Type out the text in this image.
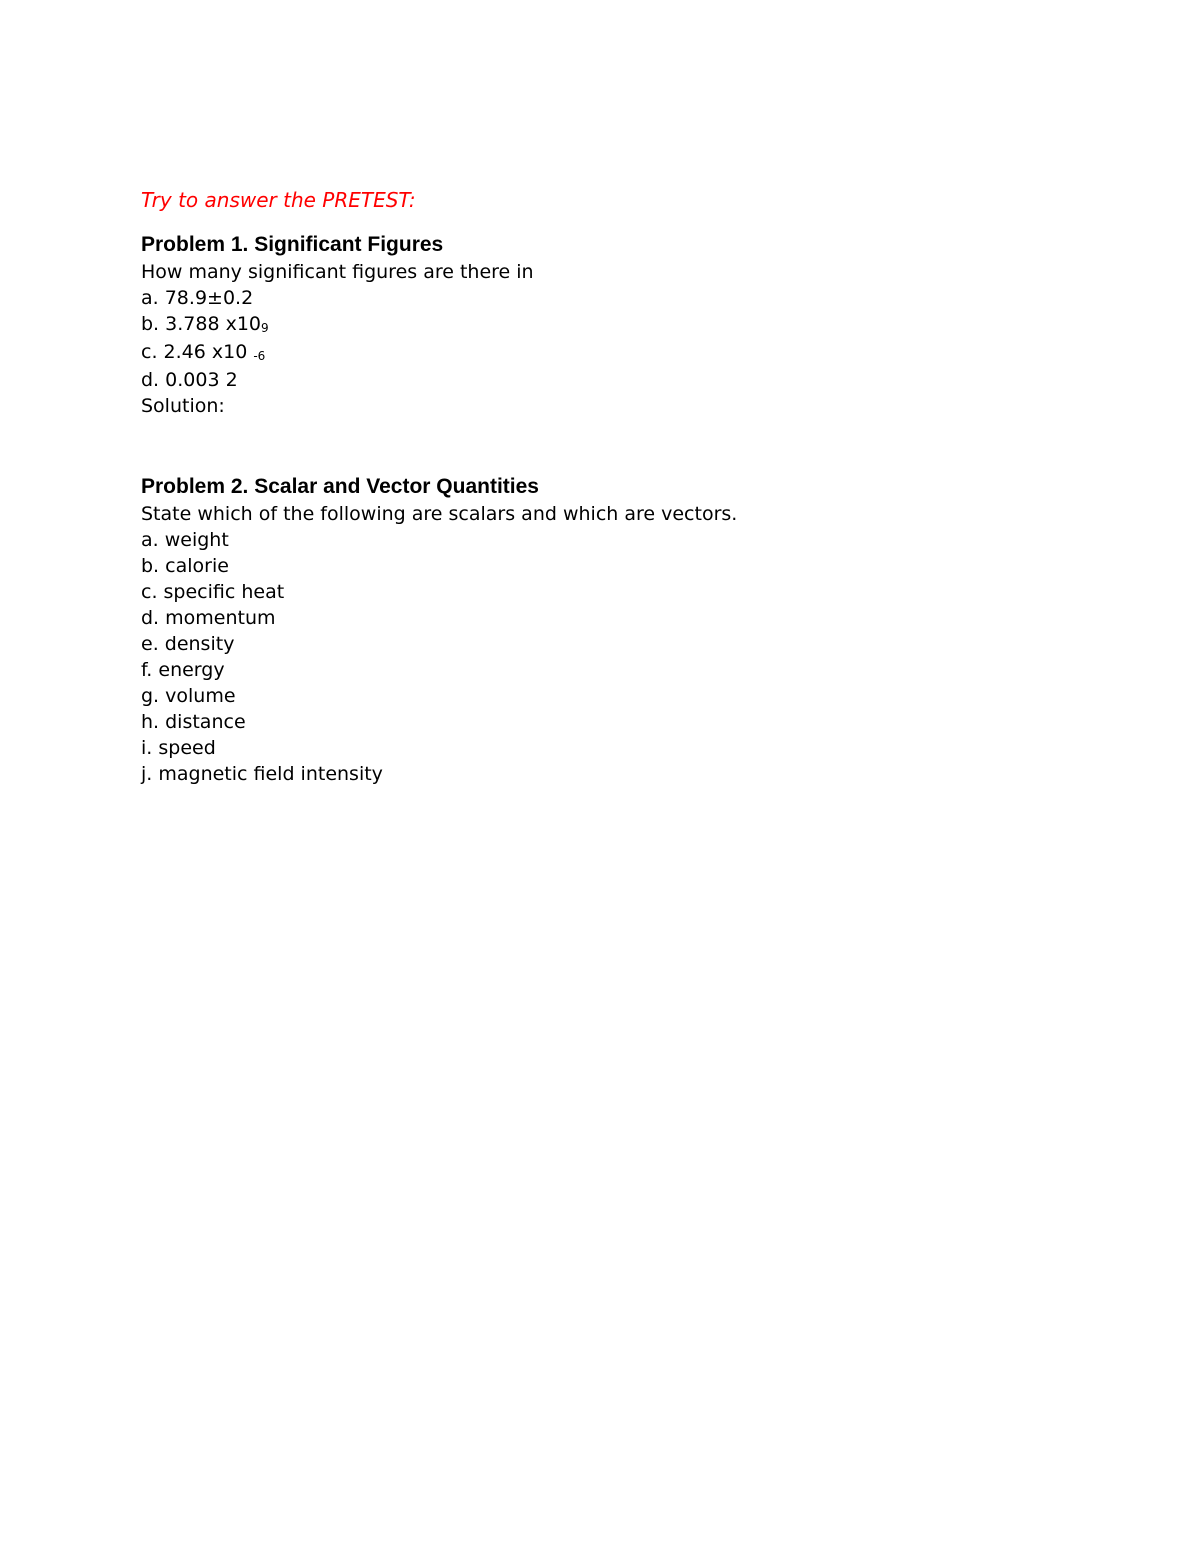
Try to answer the PRETEST:

Problem 1. Significant Figures

How many significant figures are there in

a. 78.9±0.2

b. 3.788 x109

c. 2.46 x10 -6

d. 0.003 2

Solution:

Problem 2. Scalar and Vector Quantities

State which of the following are scalars and which are vectors.

a. weight

b. calorie

c. specific heat

d. momentum

e. density

f. energy

g. volume

h. distance

i. speed

j. magnetic field intensity
